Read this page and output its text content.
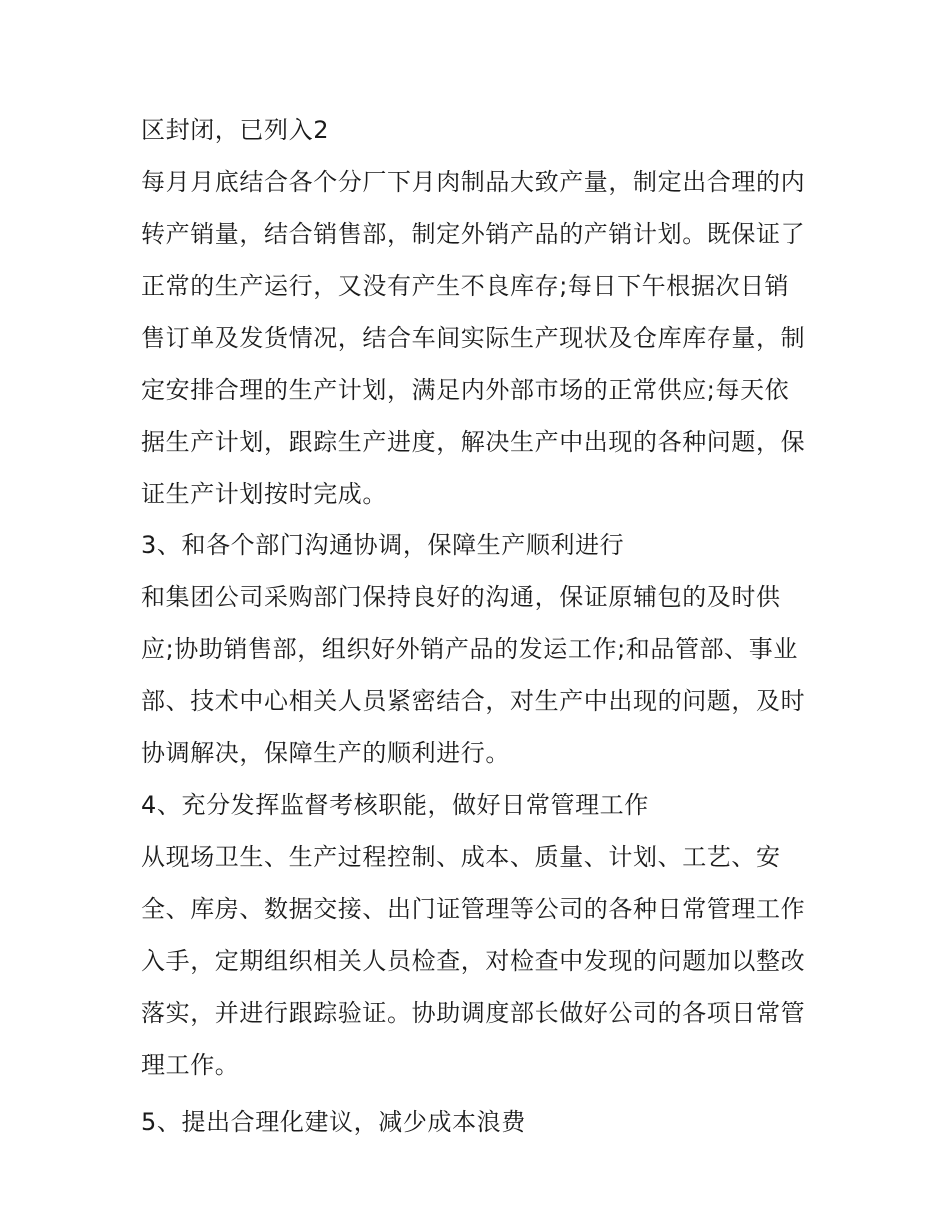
区封闭，已列入2
每月月底结合各个分厂下月肉制品大致产量，制定出合理的内
转产销量，结合销售部，制定外销产品的产销计划。既保证了
正常的生产运行，又没有产生不良库存;每日下午根据次日销
售订单及发货情况，结合车间实际生产现状及仓库库存量，制
定安排合理的生产计划，满足内外部市场的正常供应;每天依
据生产计划，跟踪生产进度，解决生产中出现的各种问题，保
证生产计划按时完成。
3、和各个部门沟通协调，保障生产顺利进行
和集团公司采购部门保持良好的沟通，保证原辅包的及时供
应;协助销售部，组织好外销产品的发运工作;和品管部、事业
部、技术中心相关人员紧密结合，对生产中出现的问题，及时
协调解决，保障生产的顺利进行。
4、充分发挥监督考核职能，做好日常管理工作
从现场卫生、生产过程控制、成本、质量、计划、工艺、安
全、库房、数据交接、出门证管理等公司的各种日常管理工作
入手，定期组织相关人员检查，对检查中发现的问题加以整改
落实，并进行跟踪验证。协助调度部长做好公司的各项日常管
理工作。
5、提出合理化建议，减少成本浪费
